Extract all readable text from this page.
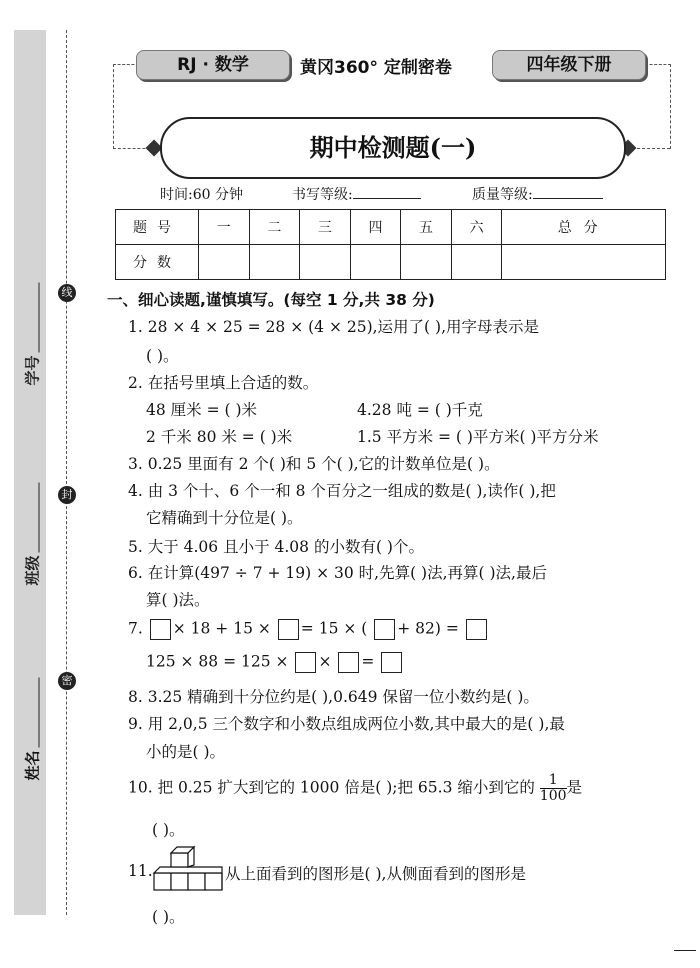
学号
班级
姓名
线
封
密
RJ · 数学	黄冈360° 定制密卷	四年级下册
期中检测题(一)
时间:60 分钟	书写等级:	质量等级:
题号	一	二	三	四	五	六	总分
分数							
一、细心读题,谨慎填写。(每空 1 分,共 38 分)
1. 28 × 4 × 25 = 28 × (4 × 25),运用了( ),用字母表示是
( )。
2. 在括号里填上合适的数。
48 厘米 = ( )米	4.28 吨 = ( )千克
2 千米 80 米 = ( )米	1.5 平方米 = ( )平方米( )平方分米
3. 0.25 里面有 2 个( )和 5 个( ),它的计数单位是( )。
4. 由 3 个十、6 个一和 8 个百分之一组成的数是( ),读作( ),把
它精确到十分位是( )。
5. 大于 4.06 且小于 4.08 的小数有( )个。
6. 在计算(497 ÷ 7 + 19) × 30 时,先算( )法,再算( )法,最后
算( )法。
7. × 18 + 15 × = 15 × ( + 82) =
125 × 88 = 125 × × =
8. 3.25 精确到十分位约是( ),0.649 保留一位小数约是( )。
9. 用 2,0,5 三个数字和小数点组成两位小数,其中最大的是( ),最
小的是( )。
10. 把 0.25 扩大到它的 1000 倍是( );把 65.3 缩小到它的 $\frac{1}{100}$ 是
( )。
11.	从上面看到的图形是( ),从侧面看到的图形是
( )。
